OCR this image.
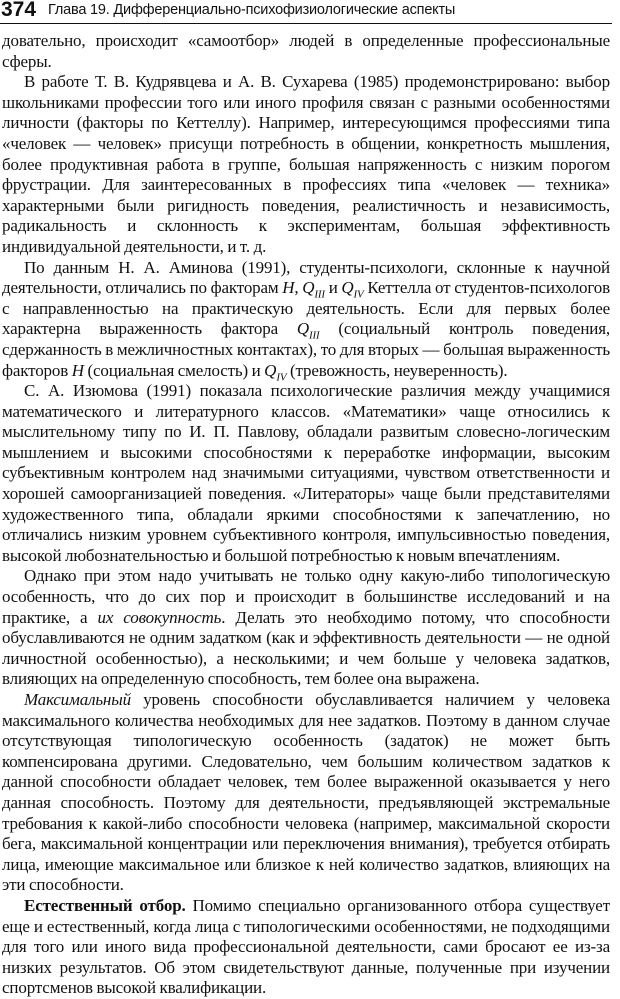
374 Глава 19. Дифференциально-психофизиологические аспекты

довательно, происходит «самоотбор» людей в определенные профессиональные сферы.

В работе Т. В. Кудрявцева и А. В. Сухарева (1985) продемонстрировано: выбор школьниками профессии того или иного профиля связан с разными особенностями личности (факторы по Кеттеллу). Например, интересующимся профессиями типа «человек — человек» присущи потребность в общении, конкретность мышления, более продуктивная работа в группе, большая напряженность с низким порогом фрустрации. Для заинтересованных в профессиях типа «человек — техника» характерными были ригидность поведения, реалистичность и независимость, радикальность и склонность к экспериментам, большая эффективность индивидуальной деятельности, и т. д.

По данным Н. А. Аминова (1991), студенты-психологи, склонные к научной деятельности, отличались по факторам H, $Q_{III}$ и $Q_{IV}$ Кеттелла от студентов-психологов с направленностью на практическую деятельность. Если для первых более характерна выраженность фактора $Q_{III}$ (социальный контроль поведения, сдержанность в межличностных контактах), то для вторых — большая выраженность факторов H (социальная смелость) и $Q_{IV}$ (тревожность, неуверенность).

С. А. Изюмова (1991) показала психологические различия между учащимися математического и литературного классов. «Математики» чаще относились к мыслительному типу по И. П. Павлову, обладали развитым словесно-логическим мышлением и высокими способностями к переработке информации, высоким субъективным контролем над значимыми ситуациями, чувством ответственности и хорошей самоорганизацией поведения. «Литераторы» чаще были представителями художественного типа, обладали яркими способностями к запечатлению, но отличались низким уровнем субъективного контроля, импульсивностью поведения, высокой любознательностью и большой потребностью к новым впечатлениям.

Однако при этом надо учитывать не только одну какую-либо типологическую особенность, что до сих пор и происходит в большинстве исследований и на практике, а их совокупность. Делать это необходимо потому, что способности обуславливаются не одним задатком (как и эффективность деятельности — не одной личностной особенностью), а несколькими; и чем больше у человека задатков, влияющих на определенную способность, тем более она выражена.

Максимальный уровень способности обуславливается наличием у человека максимального количества необходимых для нее задатков. Поэтому в данном случае отсутствующая типологическую особенность (задаток) не может быть компенсирована другими. Следовательно, чем большим количеством задатков к данной способности обладает человек, тем более выраженной оказывается у него данная способность. Поэтому для деятельности, предъявляющей экстремальные требования к какой-либо способности человека (например, максимальной скорости бега, максимальной концентрации или переключения внимания), требуется отбирать лица, имеющие максимальное или близкое к ней количество задатков, влияющих на эти способности.

Естественный отбор. Помимо специально организованного отбора существует еще и естественный, когда лица с типологическими особенностями, не подходящими для того или иного вида профессиональной деятельности, сами бросают ее из-за низких результатов. Об этом свидетельствуют данные, полученные при изучении спортсменов высокой квалификации.
